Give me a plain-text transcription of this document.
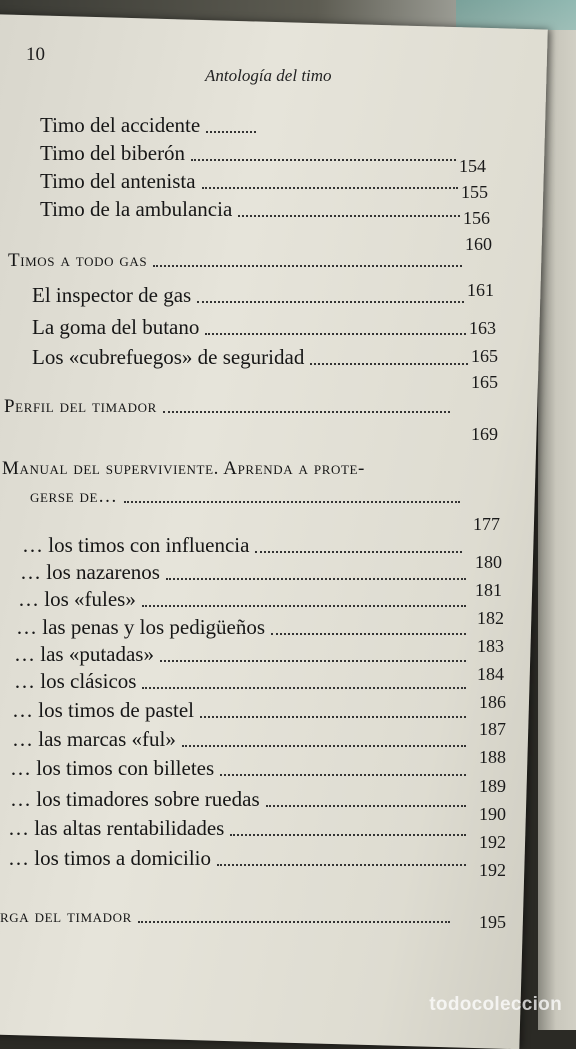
10
Antología del timo
Timo del accidente
Timo del biberón
Timo del antenista
Timo de la ambulancia
Timos a todo gas
El inspector de gas
La goma del butano
Los «cubrefuegos» de seguridad
Perfil del timador
Manual del superviviente. Aprenda a prote-
gerse de…
… los timos con influencia
… los nazarenos
… los «fules»
… las penas y los pedigüeños
… las «putadas»
… los clásicos
… los timos de pastel
… las marcas «ful»
… los timos con billetes
… los timadores sobre ruedas
… las altas rentabilidades
… los timos a domicilio
rga del timador
154
155
156
160
161
163
165
165
169
177
180
181
182
183
184
186
187
188
189
190
192
192
195
todocoleccion
